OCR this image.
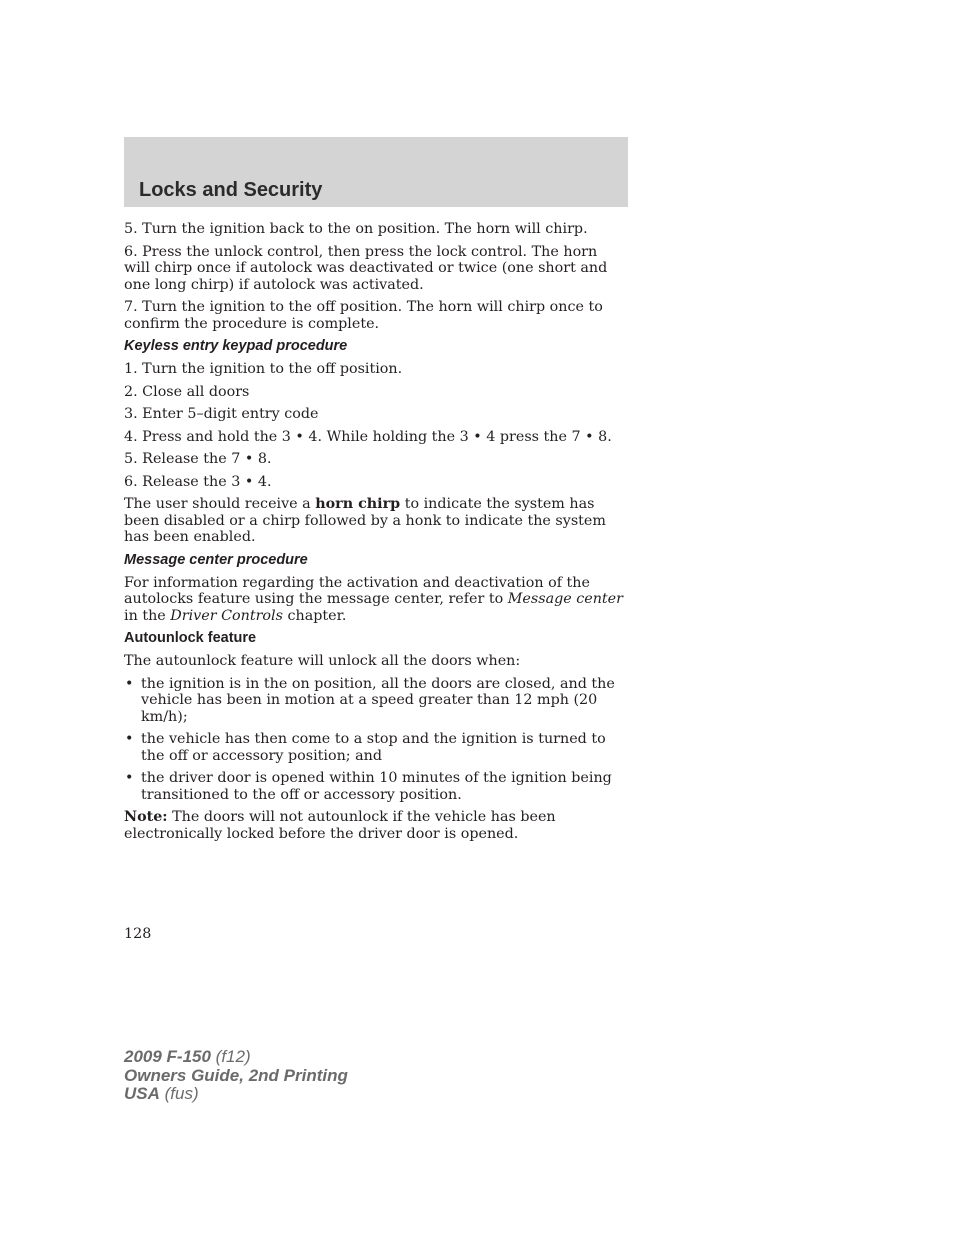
Locks and Security

5. Turn the ignition back to the on position. The horn will chirp.

6. Press the unlock control, then press the lock control. The horn will chirp once if autolock was deactivated or twice (one short and one long chirp) if autolock was activated.

7. Turn the ignition to the off position. The horn will chirp once to confirm the procedure is complete.

Keyless entry keypad procedure

1. Turn the ignition to the off position.

2. Close all doors

3. Enter 5–digit entry code

4. Press and hold the 3 • 4. While holding the 3 • 4 press the 7 • 8.

5. Release the 7 • 8.

6. Release the 3 • 4.

The user should receive a horn chirp to indicate the system has been disabled or a chirp followed by a honk to indicate the system has been enabled.

Message center procedure

For information regarding the activation and deactivation of the autolocks feature using the message center, refer to Message center in the Driver Controls chapter.

Autounlock feature

The autounlock feature will unlock all the doors when:

• the ignition is in the on position, all the doors are closed, and the vehicle has been in motion at a speed greater than 12 mph (20 km/h);
• the vehicle has then come to a stop and the ignition is turned to the off or accessory position; and
• the driver door is opened within 10 minutes of the ignition being transitioned to the off or accessory position.

Note: The doors will not autounlock if the vehicle has been electronically locked before the driver door is opened.

128
2009 F-150 (f12)
Owners Guide, 2nd Printing
USA (fus)
